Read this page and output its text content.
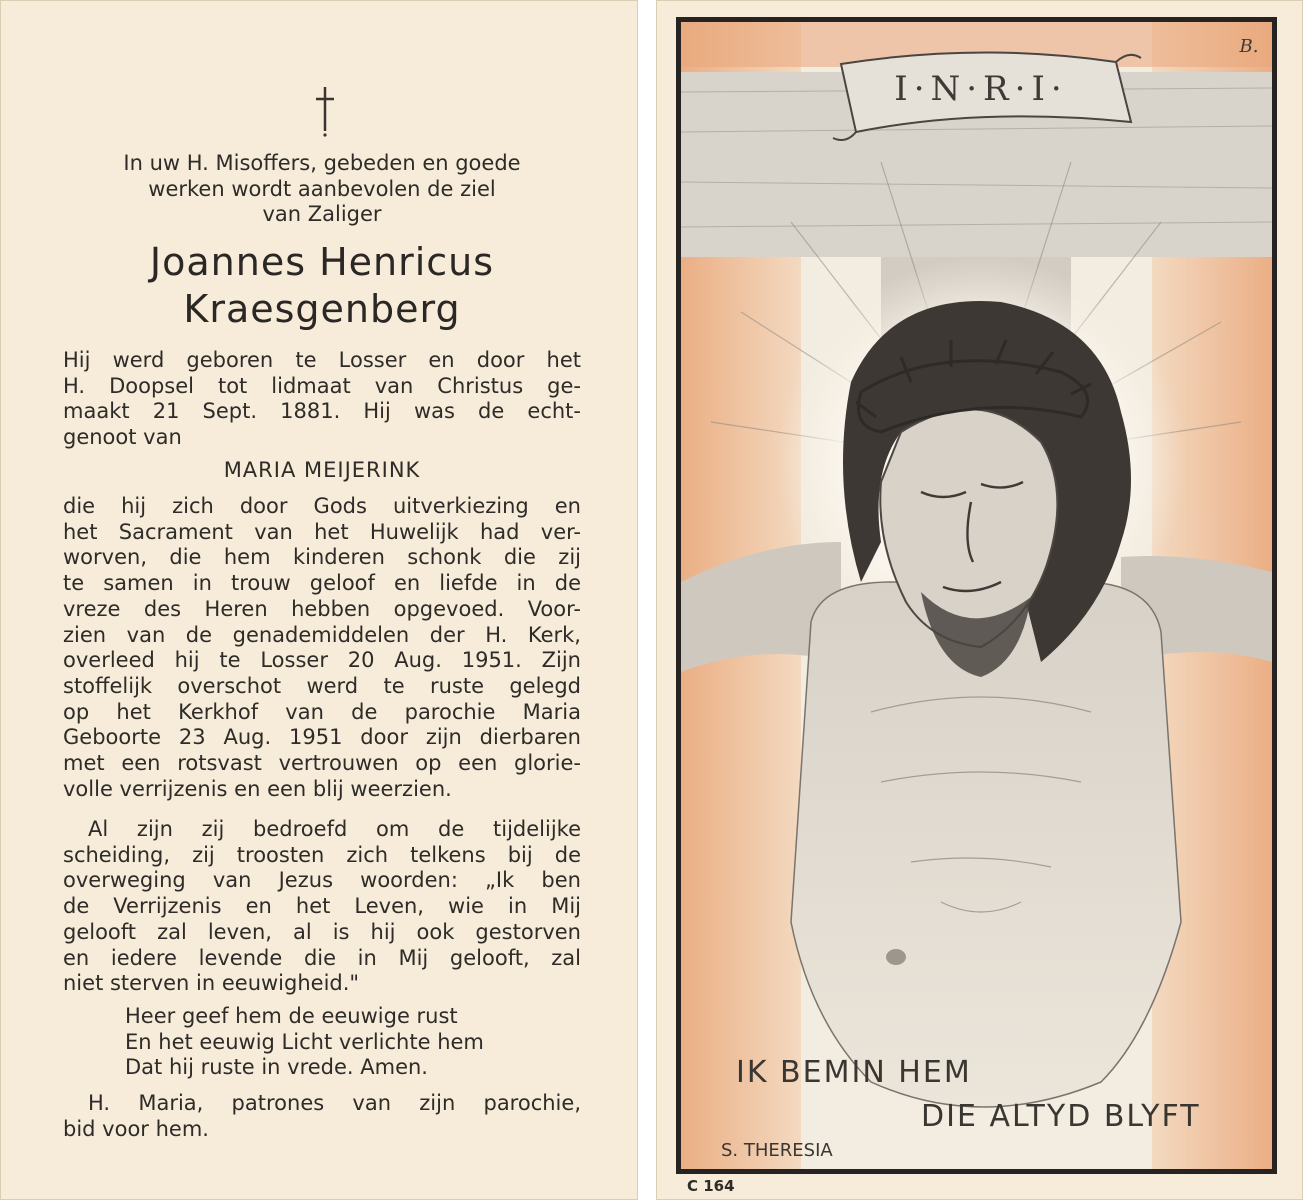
In uw H. Misoffers, gebeden en goede
werken wordt aanbevolen de ziel
van Zaliger
Joannes Henricus
Kraesgenberg
Hij werd geboren te Losser en door het
H. Doopsel tot lidmaat van Christus ge-
maakt 21 Sept. 1881. Hij was de echt-
genoot van
MARIA MEIJERINK
die hij zich door Gods uitverkiezing en
het Sacrament van het Huwelijk had ver-
worven, die hem kinderen schonk die zij
te samen in trouw geloof en liefde in de
vreze des Heren hebben opgevoed. Voor-
zien van de genademiddelen der H. Kerk,
overleed hij te Losser 20 Aug. 1951. Zijn
stoffelijk overschot werd te ruste gelegd
op het Kerkhof van de parochie Maria
Geboorte 23 Aug. 1951 door zijn dierbaren
met een rotsvast vertrouwen op een glorie-
volle verrijzenis en een blij weerzien.
Al zijn zij bedroefd om de tijdelijke
scheiding, zij troosten zich telkens bij de
overweging van Jezus woorden: „Ik ben
de Verrijzenis en het Leven, wie in Mij
gelooft zal leven, al is hij ook gestorven
en iedere levende die in Mij gelooft, zal
niet sterven in eeuwigheid."
Heer geef hem de eeuwige rust
En het eeuwig Licht verlichte hem
Dat hij ruste in vrede. Amen.
H. Maria, patrones van zijn parochie,
bid voor hem.
I·N·R·I·
B.
IK BEMIN HEM
DIE ALTYD BLYFT
S. THERESIA
C 164
